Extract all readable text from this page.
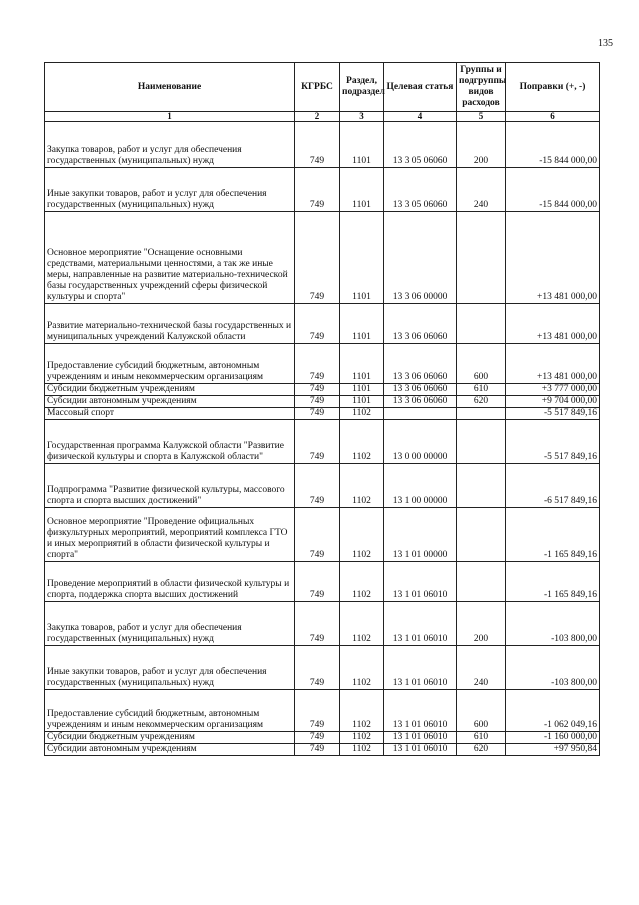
135
Наименование	КГРБС	Раздел, подраздел	Целевая статья	Группы и подгруппы видов расходов	Поправки (+, -)
1	2	3	4	5	6
Закупка товаров, работ и услуг для обеспечения государственных (муниципальных) нужд	749	1101	13 3 05 06060	200	-15 844 000,00
Иные закупки товаров, работ и услуг для обеспечения государственных (муниципальных) нужд	749	1101	13 3 05 06060	240	-15 844 000,00
Основное мероприятие "Оснащение основными средствами, материальными ценностями, а так же иные меры, направленные на развитие материально-технической базы государственных учреждений сферы физической культуры и спорта"	749	1101	13 3 06 00000		+13 481 000,00
Развитие материально-технической базы государственных и муниципальных учреждений Калужской области	749	1101	13 3 06 06060		+13 481 000,00
Предоставление субсидий бюджетным, автономным учреждениям и иным некоммерческим организациям	749	1101	13 3 06 06060	600	+13 481 000,00
Субсидии бюджетным учреждениям	749	1101	13 3 06 06060	610	+3 777 000,00
Субсидии автономным учреждениям	749	1101	13 3 06 06060	620	+9 704 000,00
Массовый спорт	749	1102			-5 517 849,16
Государственная программа Калужской области "Развитие физической культуры и спорта в Калужской области"	749	1102	13 0 00 00000		-5 517 849,16
Подпрограмма "Развитие физической культуры, массового спорта и спорта высших достижений"	749	1102	13 1 00 00000		-6 517 849,16
Основное мероприятие "Проведение официальных физкультурных мероприятий, мероприятий комплекса ГТО и иных мероприятий в области физической культуры и спорта"	749	1102	13 1 01 00000		-1 165 849,16
Проведение мероприятий в области физической культуры и спорта, поддержка спорта высших достижений	749	1102	13 1 01 06010		-1 165 849,16
Закупка товаров, работ и услуг для обеспечения государственных (муниципальных) нужд	749	1102	13 1 01 06010	200	-103 800,00
Иные закупки товаров, работ и услуг для обеспечения государственных (муниципальных) нужд	749	1102	13 1 01 06010	240	-103 800,00
Предоставление субсидий бюджетным, автономным учреждениям и иным некоммерческим организациям	749	1102	13 1 01 06010	600	-1 062 049,16
Субсидии бюджетным учреждениям	749	1102	13 1 01 06010	610	-1 160 000,00
Субсидии автономным учреждениям	749	1102	13 1 01 06010	620	+97 950,84
